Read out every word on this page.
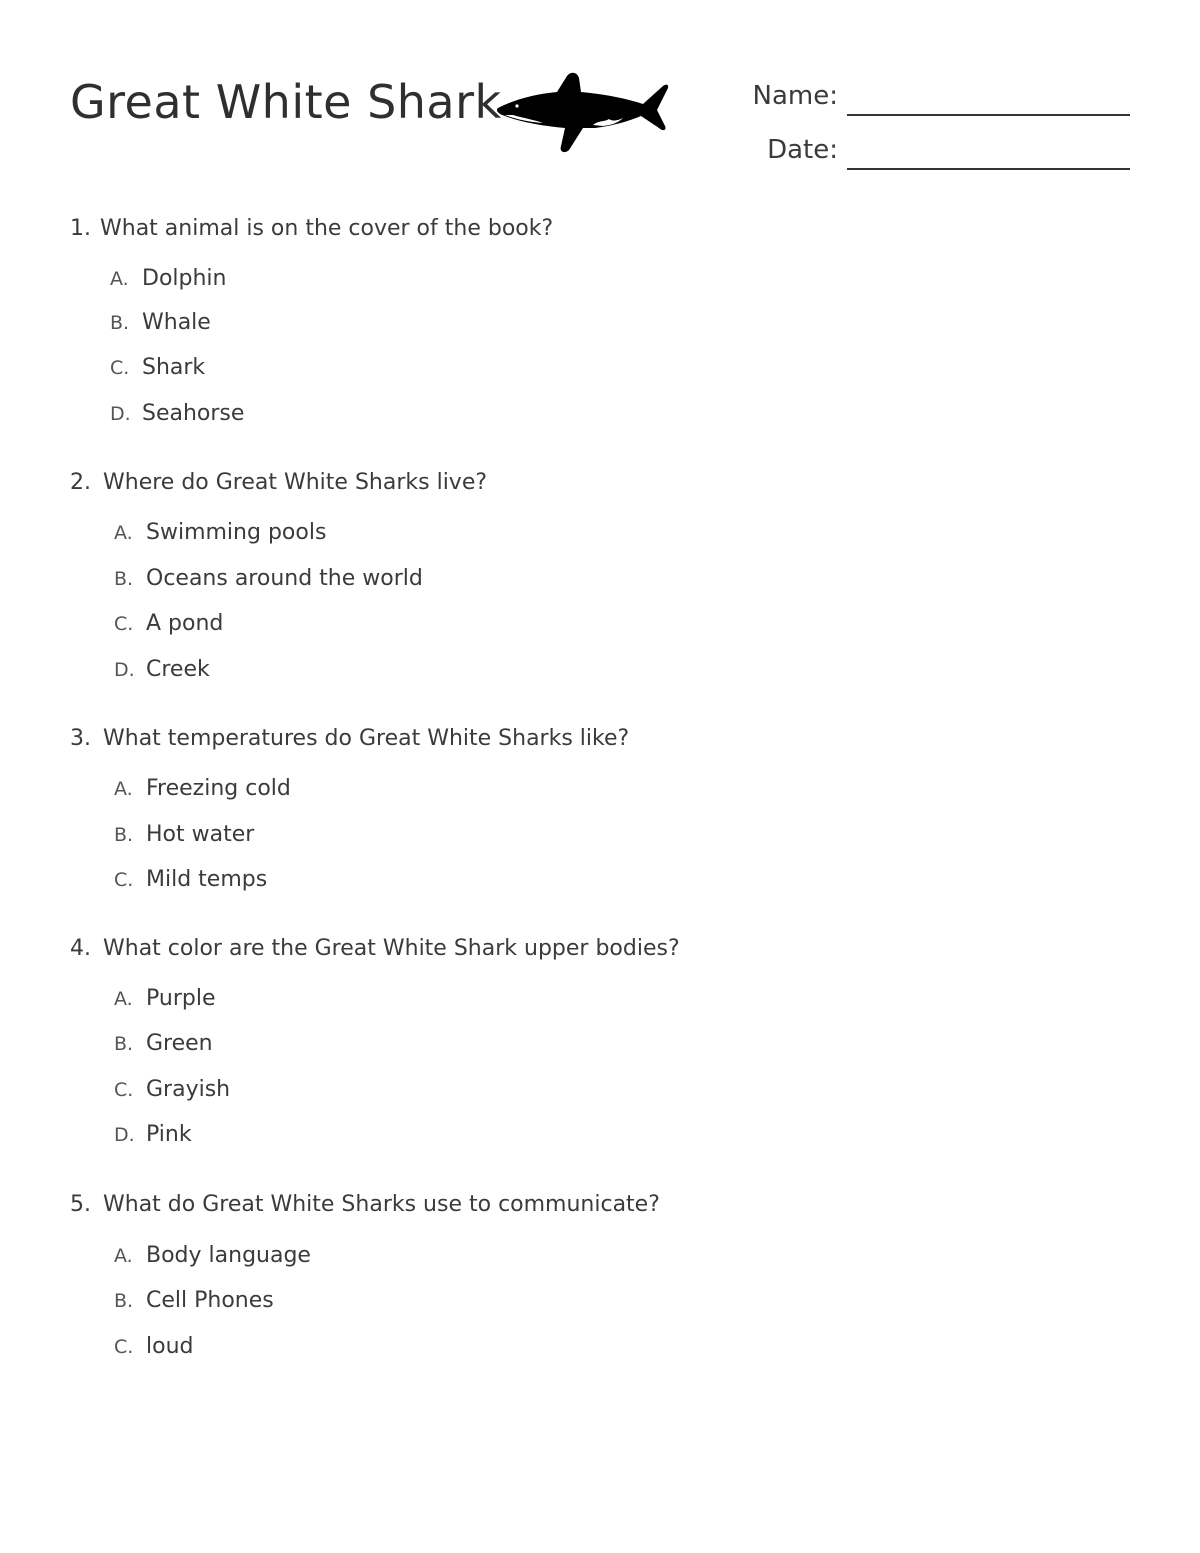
Great White Shark	Name:
Date:
1. What animal is on the cover of the book?
A. Dolphin
B. Whale
C. Shark
D. Seahorse
2. Where do Great White Sharks live?
A. Swimming pools
B. Oceans around the world
C. A pond
D. Creek
3. What temperatures do Great White Sharks like?
A. Freezing cold
B. Hot water
C. Mild temps
4. What color are the Great White Shark upper bodies?
A. Purple
B. Green
C. Grayish
D. Pink
5. What do Great White Sharks use to communicate?
A. Body language
B. Cell Phones
C. loud
